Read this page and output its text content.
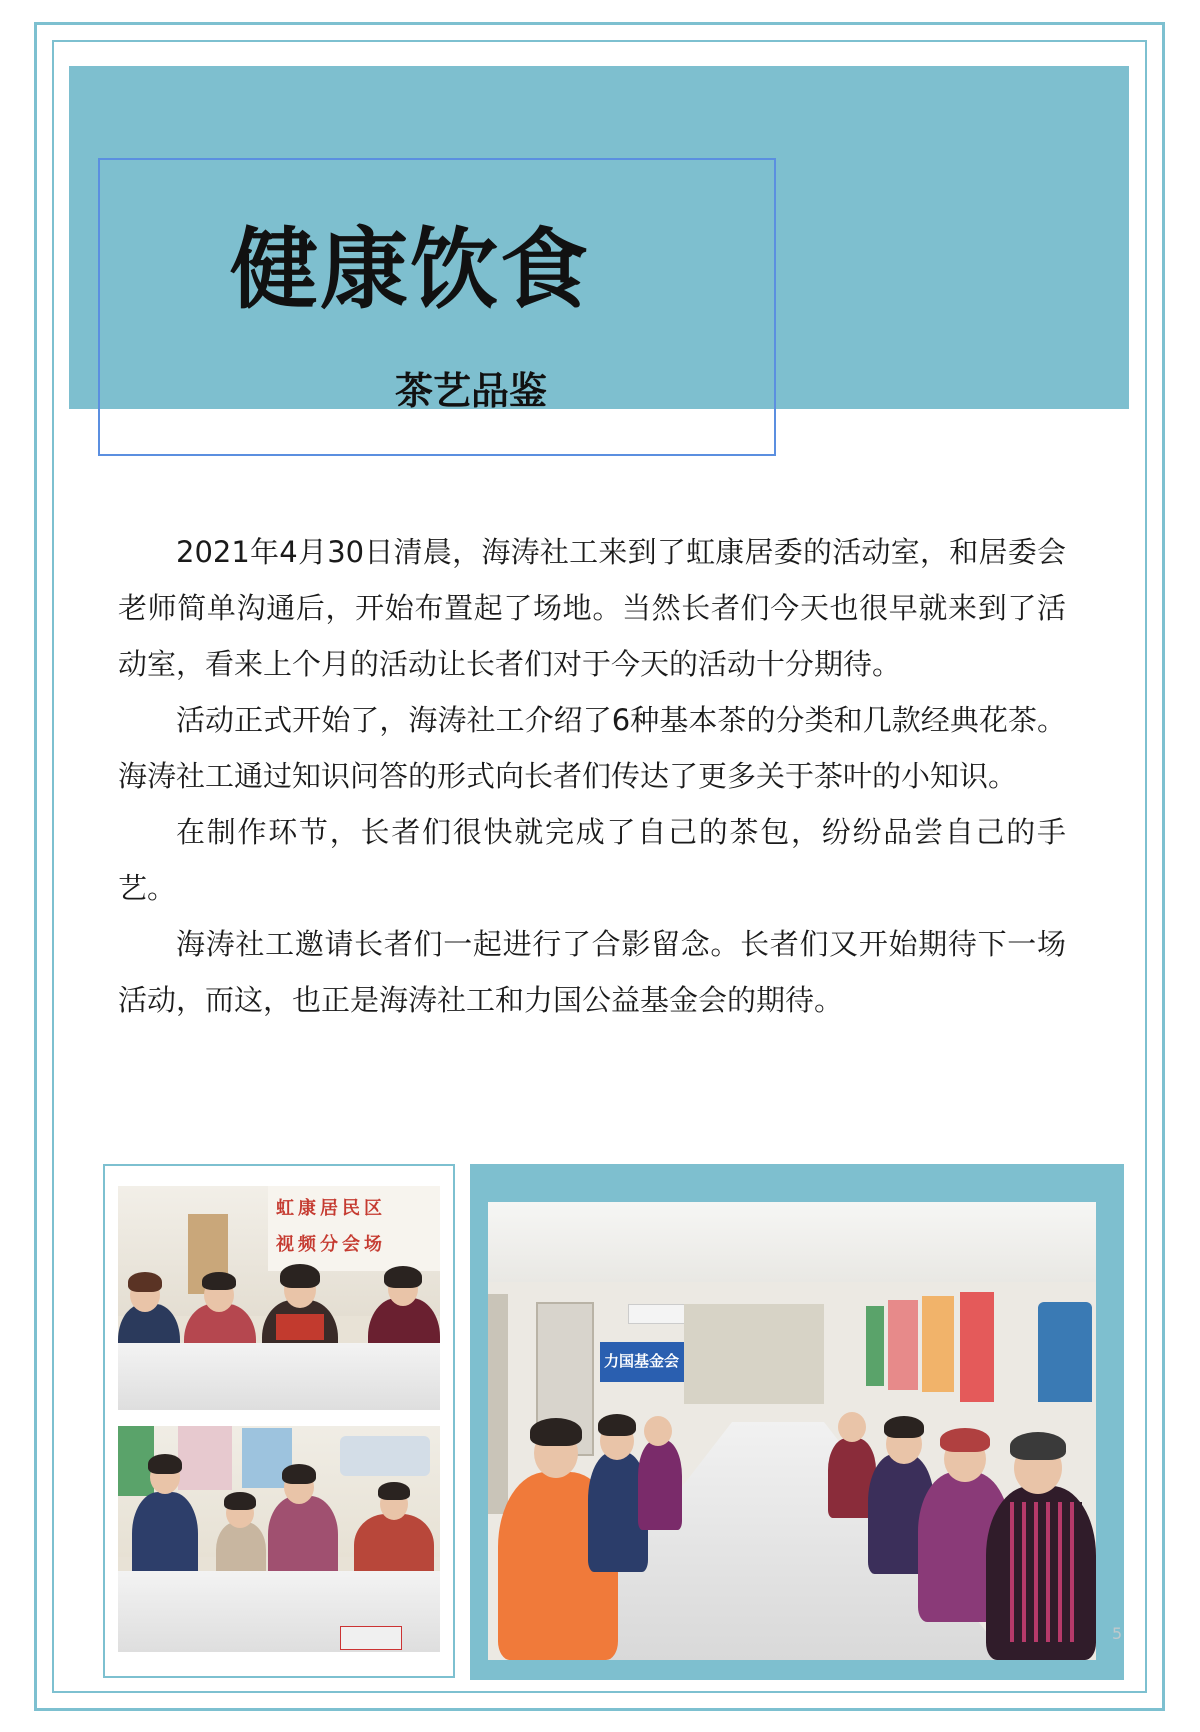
健康饮食
茶艺品鉴

2021年4月30日清晨，海涛社工来到了虹康居委的活动室，和居委会老师简单沟通后，开始布置起了场地。当然长者们今天也很早就来到了活动室，看来上个月的活动让长者们对于今天的活动十分期待。

活动正式开始了，海涛社工介绍了6种基本茶的分类和几款经典花茶。海涛社工通过知识问答的形式向长者们传达了更多关于茶叶的小知识。

在制作环节，长者们很快就完成了自己的茶包，纷纷品尝自己的手艺。

海涛社工邀请长者们一起进行了合影留念。长者们又开始期待下一场活动，而这，也正是海涛社工和力国公益基金会的期待。

虹康居民区
视频分会场
力国基金会
5
